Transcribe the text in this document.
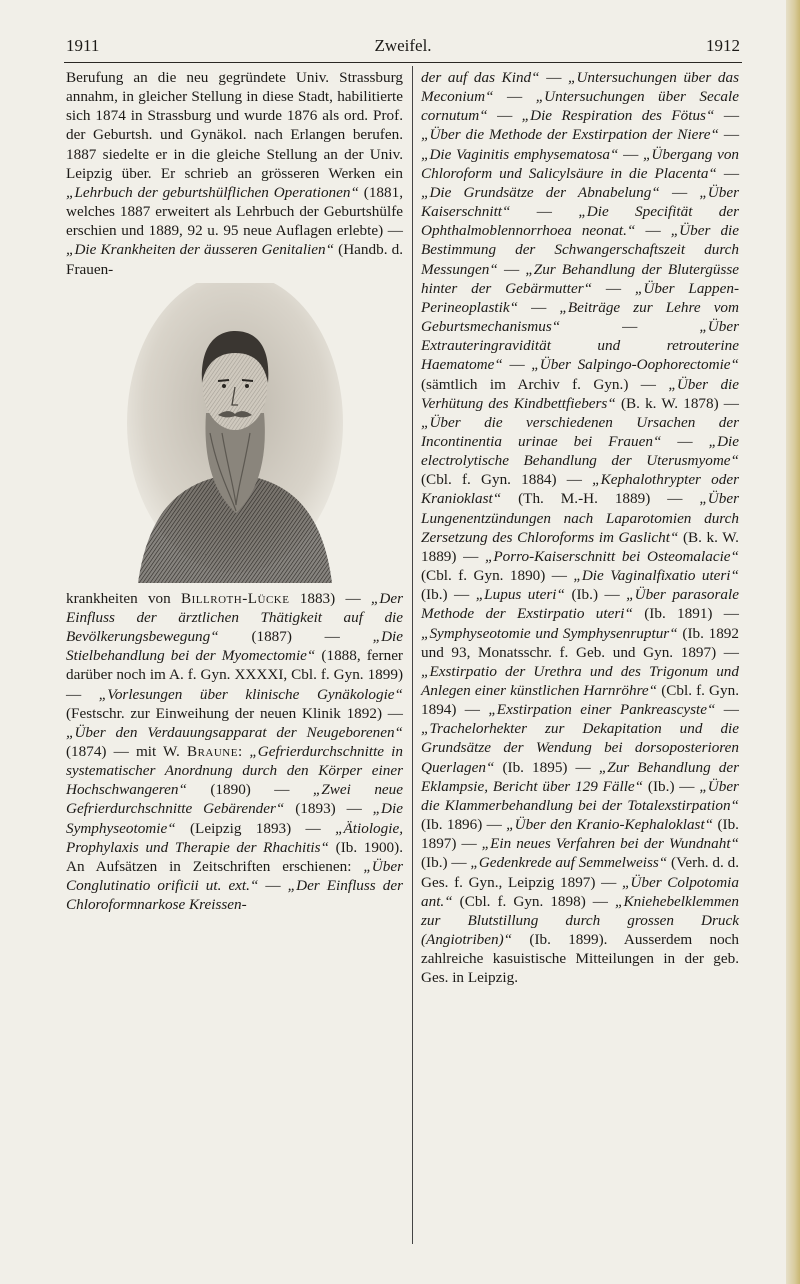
1911	Zweifel.	1912

Berufung an die neu gegründete Univ. Strassburg annahm, in gleicher Stellung in diese Stadt, habilitierte sich 1874 in Strassburg und wurde 1876 als ord. Prof. der Geburtsh. und Gynäkol. nach Erlangen berufen. 1887 siedelte er in die gleiche Stellung an der Univ. Leipzig über. Er schrieb an grösseren Werken ein „Lehrbuch der geburtshülflichen Operationen“ (1881, welches 1887 erweitert als Lehrbuch der Geburtshülfe erschien und 1889, 92 u. 95 neue Auflagen erlebte) — „Die Krankheiten der äusseren Genitalien“ (Handb. d. Frauen-

krankheiten von Billroth-Lücke 1883) — „Der Einfluss der ärztlichen Thätigkeit auf die Bevölkerungsbewegung“ (1887) — „Die Stielbehandlung bei der Myomectomie“ (1888, ferner darüber noch im A. f. Gyn. XXXXI, Cbl. f. Gyn. 1899) — „Vorlesungen über klinische Gynäkologie“ (Festschr. zur Einweihung der neuen Klinik 1892) — „Über den Verdauungsapparat der Neugeborenen“ (1874) — mit W. Braune: „Gefrierdurchschnitte in systematischer Anordnung durch den Körper einer Hochschwangeren“ (1890) — „Zwei neue Gefrierdurchschnitte Gebärender“ (1893) — „Die Symphyseotomie“ (Leipzig 1893) — „Ätiologie, Prophylaxis und Therapie der Rhachitis“ (Ib. 1900). An Aufsätzen in Zeitschriften erschienen: „Über Conglutinatio orificii ut. ext.“ — „Der Einfluss der Chloroformnarkose Kreissen-

der auf das Kind“ — „Untersuchungen über das Meconium“ — „Untersuchungen über Secale cornutum“ — „Die Respiration des Fötus“ — „Über die Methode der Exstirpation der Niere“ — „Die Vaginitis emphysematosa“ — „Übergang von Chloroform und Salicylsäure in die Placenta“ — „Die Grundsätze der Abnabelung“ — „Über Kaiserschnitt“ — „Die Specifität der Ophthalmoblennorrhoea neonat.“ — „Über die Bestimmung der Schwangerschaftszeit durch Messungen“ — „Zur Behandlung der Blutergüsse hinter der Gebärmutter“ — „Über Lappen-Perineoplastik“ — „Beiträge zur Lehre vom Geburtsmechanismus“ — „Über Extrauteringravidität und retrouterine Haematome“ — „Über Salpingo-Oophorectomie“ (sämtlich im Archiv f. Gyn.) — „Über die Verhütung des Kindbettfiebers“ (B. k. W. 1878) — „Über die verschiedenen Ursachen der Incontinentia urinae bei Frauen“ — „Die electrolytische Behandlung der Uterusmyome“ (Cbl. f. Gyn. 1884) — „Kephalothrypter oder Kranioklast“ (Th. M.-H. 1889) — „Über Lungenentzündungen nach Laparotomien durch Zersetzung des Chloroforms im Gaslicht“ (B. k. W. 1889) — „Porro-Kaiserschnitt bei Osteomalacie“ (Cbl. f. Gyn. 1890) — „Die Vaginalfixatio uteri“ (Ib.) — „Lupus uteri“ (Ib.) — „Über parasorale Methode der Exstirpatio uteri“ (Ib. 1891) — „Symphyseotomie und Symphysenruptur“ (Ib. 1892 und 93, Monatsschr. f. Geb. und Gyn. 1897) — „Exstirpatio der Urethra und des Trigonum und Anlegen einer künstlichen Harnröhre“ (Cbl. f. Gyn. 1894) — „Exstirpation einer Pankreascyste“ — „Trachelorhekter zur Dekapitation und die Grundsätze der Wendung bei dorsoposterioren Querlagen“ (Ib. 1895) — „Zur Behandlung der Eklampsie, Bericht über 129 Fälle“ (Ib.) — „Über die Klammerbehandlung bei der Totalexstirpation“ (Ib. 1896) — „Über den Kranio-Kephaloklast“ (Ib. 1897) — „Ein neues Verfahren bei der Wundnaht“ (Ib.) — „Gedenkrede auf Semmelweiss“ (Verh. d. d. Ges. f. Gyn., Leipzig 1897) — „Über Colpotomia ant.“ (Cbl. f. Gyn. 1898) — „Kniehebelklemmen zur Blutstillung durch grossen Druck (Angiotriben)“ (Ib. 1899). Ausserdem noch zahlreiche kasuistische Mitteilungen in der geb. Ges. in Leipzig.
